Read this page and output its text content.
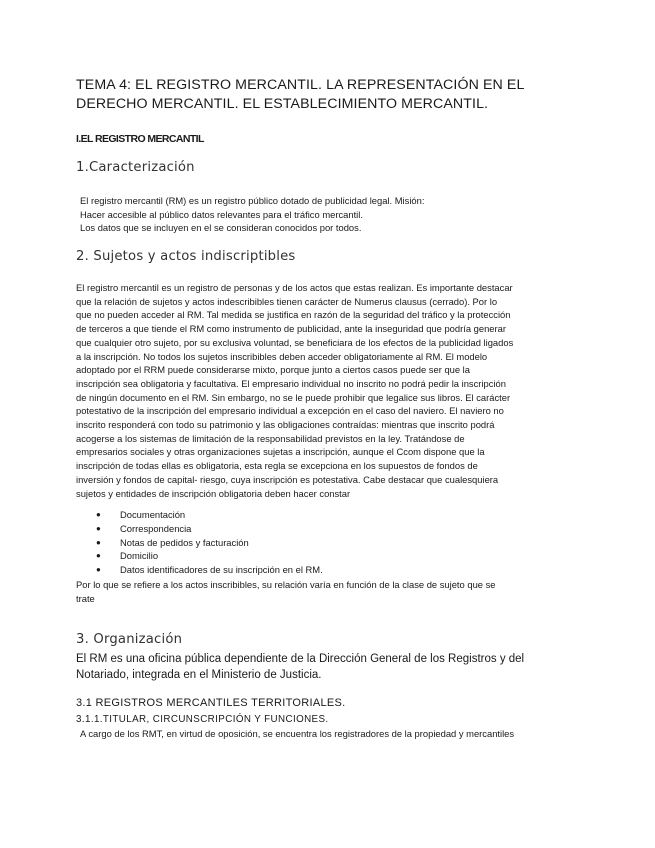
TEMA 4: EL REGISTRO MERCANTIL. LA REPRESENTACIÓN EN EL DERECHO MERCANTIL. EL ESTABLECIMIENTO MERCANTIL.
I.EL REGISTRO MERCANTIL
1.Caracterización

El registro mercantil (RM) es un registro público dotado de publicidad legal. Misión:

Hacer accesible al público datos relevantes para el tráfico mercantil.

Los datos que se incluyen en el se consideran conocidos por todos.

2. Sujetos y actos indiscriptibles

El registro mercantil es un registro de personas y de los actos que estas realizan. Es importante destacar

que la relación de sujetos y actos indescribibles tienen carácter de Numerus clausus (cerrado). Por lo

que no pueden acceder al RM. Tal medida se justifica en razón de la seguridad del tráfico y la protección

de terceros a que tiende el RM como instrumento de publicidad, ante la inseguridad que podría generar

que cualquier otro sujeto, por su exclusiva voluntad, se beneficiara de los efectos de la publicidad ligados

a la inscripción. No todos los sujetos inscribibles deben acceder obligatoriamente al RM. El modelo

adoptado por el RRM puede considerarse mixto, porque junto a ciertos casos puede ser que la

inscripción sea obligatoria y facultativa. El empresario individual no inscrito no podrá pedir la inscripción

de ningún documento en el RM. Sin embargo, no se le puede prohibir que legalice sus libros. El carácter

potestativo de la inscripción del empresario individual a excepción en el caso del naviero. El naviero no

inscrito responderá con todo su patrimonio y las obligaciones contraídas: mientras que inscrito podrá

acogerse a los sistemas de limitación de la responsabilidad previstos en la ley. Tratándose de

empresarios sociales y otras organizaciones sujetas a inscripción, aunque el Ccom dispone que la

inscripción de todas ellas es obligatoria, esta regla se excepciona en los supuestos de fondos de

inversión y fondos de capital- riesgo, cuya inscripción es potestativa. Cabe destacar que cualesquiera

sujetos y entidades de inscripción obligatoria deben hacer constar

● Documentación
● Correspondencia
● Notas de pedidos y facturación
● Domicilio
● Datos identificadores de su inscripción en el RM.

Por lo que se refiere a los actos inscribibles, su relación varía en función de la clase de sujeto que se

trate

3. Organización
El RM es una oficina pública dependiente de la Dirección General de los Registros y del Notariado, integrada en el Ministerio de Justicia.
3.1 REGISTROS MERCANTILES TERRITORIALES.
3.1.1.TITULAR, CIRCUNSCRIPCIÓN Y FUNCIONES.
A cargo de los RMT, en virtud de oposición, se encuentra los registradores de la propiedad y mercantiles
